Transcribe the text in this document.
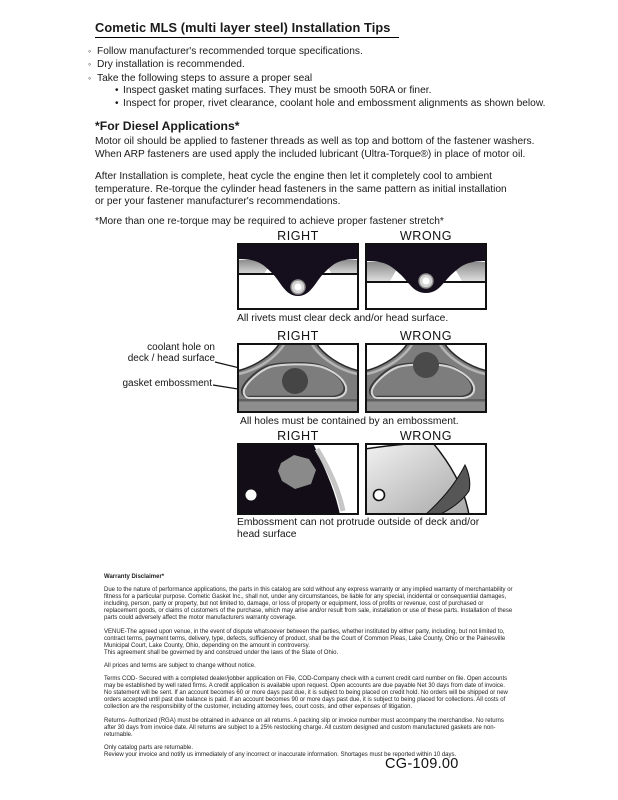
Cometic MLS (multi layer steel) Installation Tips
◦ Follow manufacturer's recommended torque specifications.
◦ Dry installation is recommended.
◦ Take the following steps to assure a proper seal
• Inspect gasket mating surfaces. They must be smooth 50RA or finer.
• Inspect for proper, rivet clearance, coolant hole and embossment alignments as shown below.
*For Diesel Applications*
Motor oil should be applied to fastener threads as well as top and bottom of the fastener washers.
When ARP fasteners are used apply the included lubricant (Ultra-Torque®) in place of motor oil.
After Installation is complete, heat cycle the engine then let it completely cool to ambient
temperature. Re-torque the cylinder head fasteners in the same pattern as initial installation
or per your fastener manufacturer's recommendations.
*More than one re-torque may be required to achieve proper fastener stretch*
RIGHT	WRONG
All rivets must clear deck and/or head surface.
RIGHT	WRONG
coolant hole on
deck / head surface
gasket embossment
All holes must be contained by an embossment.
RIGHT	WRONG
Embossment can not protrude outside of deck and/or head surface
Warranty Disclaimer*

Due to the nature of performance applications, the parts in this catalog are sold without any express warranty or any implied warranty of merchantability or fitness for a particular purpose. Cometic Gasket Inc., shall not, under any circumstances, be liable for any special, incidental or consequential damages, including, person, party or property, but not limited to, damage, or loss of property or equipment, loss of profits or revenue, cost of purchased or replacement goods, or claims of customers of the purchase, which may arise and/or result from sale, installation or use of these parts. Installation of these parts could adversely affect the motor manufacturers warranty coverage.

VENUE-The agreed upon venue, in the event of dispute whatsoever between the parties, whether instituted by either party, including, but not limited to, contract terms, payment terms, delivery, type, defects, sufficiency of product, shall be the Court of Common Pleas, Lake County, Ohio or the Painesville Municipal Court, Lake County, Ohio, depending on the amount in controversy.

This agreement shall be governed by and construed under the laws of the State of Ohio.

All prices and terms are subject to change without notice.

Terms COD- Secured with a completed dealer/jobber application on File, COD-Company check with a current credit card number on file. Open accounts may be established by well rated firms. A credit application is available upon request. Open accounts are due payable Net 30 days from date of invoice. No statement will be sent. If an account becomes 60 or more days past due, it is subject to being placed on credit hold. No orders will be shipped or new orders accepted until past due balance is paid. If an account becomes 90 or more days past due, it is subject to being placed for collections. All costs of collection are the responsibility of the customer, including attorney fees, court costs, and other expenses of litigation.

Returns- Authorized (RGA) must be obtained in advance on all returns. A packing slip or invoice number must accompany the merchandise. No returns after 30 days from invoice date. All returns are subject to a 25% restocking charge. All custom designed and custom manufactured gaskets are non-returnable.

Only catalog parts are returnable.

Review your invoice and notify us immediately of any incorrect or inaccurate information. Shortages must be reported within 10 days.

CG-109.00
